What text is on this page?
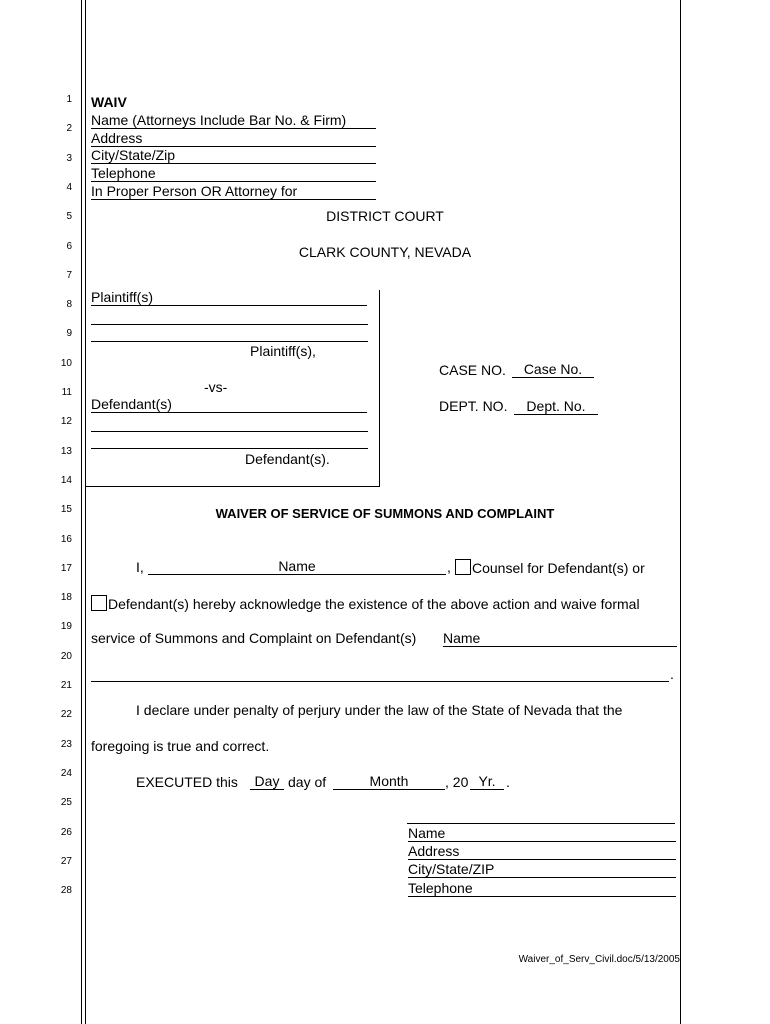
1
2
3
4
5
6
7
8
9
10
11
12
13
14
15
16
17
18
19
20
21
22
23
24
25
26
27
28
WAIV
Name (Attorneys Include Bar No. & Firm)
Address
City/State/Zip
Telephone
In Proper Person OR Attorney for
DISTRICT COURT
CLARK COUNTY, NEVADA
Plaintiff(s)
Plaintiff(s),
-vs-
Defendant(s)
Defendant(s).
CASE NO.	Case No.
DEPT. NO.	Dept. No.
WAIVER OF SERVICE OF SUMMONS AND COMPLAINT
I,	Name	,	Counsel for Defendant(s) or
Defendant(s) hereby acknowledge the existence of the above action and waive formal
service of Summons and Complaint on Defendant(s) Name
.
I declare under penalty of perjury under the law of the State of Nevada that the
foregoing is true and correct.
EXECUTED this	Day day of	Month	, 20 Yr. .
Name
Address
City/State/ZIP
Telephone
Waiver_of_Serv_Civil.doc/5/13/2005
